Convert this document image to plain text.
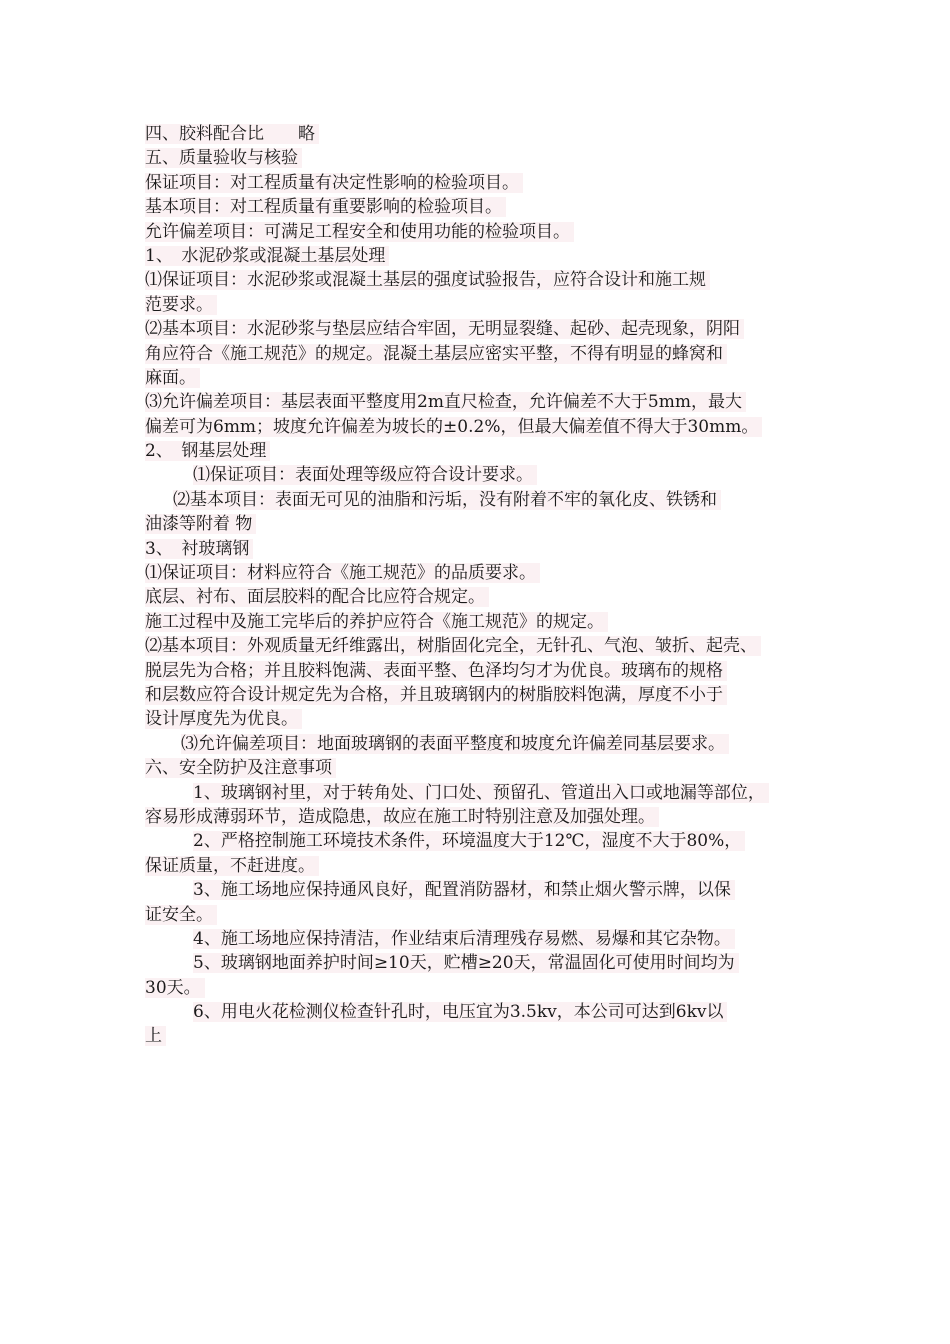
四、胶料配合比　　略
五、质量验收与核验
保证项目：对工程质量有决定性影响的检验项目。
基本项目：对工程质量有重要影响的检验项目。
允许偏差项目：可满足工程安全和使用功能的检验项目。
1、　水泥砂浆或混凝土基层处理
⑴保证项目：水泥砂浆或混凝土基层的强度试验报告，应符合设计和施工规
范要求。
⑵基本项目：水泥砂浆与垫层应结合牢固，无明显裂缝、起砂、起壳现象，阴阳
角应符合《施工规范》的规定。混凝土基层应密实平整，不得有明显的蜂窝和
麻面。
⑶允许偏差项目：基层表面平整度用2m直尺检查，允许偏差不大于5mm，最大
偏差可为6mm；坡度允许偏差为坡长的±0.2%，但最大偏差值不得大于30mm。
2、　钢基层处理
⑴保证项目：表面处理等级应符合设计要求。
⑵基本项目：表面无可见的油脂和污垢，没有附着不牢的氧化皮、铁锈和
油漆等附着 物
3、　衬玻璃钢
⑴保证项目：材料应符合《施工规范》的品质要求。
底层、衬布、面层胶料的配合比应符合规定。
施工过程中及施工完毕后的养护应符合《施工规范》的规定。
⑵基本项目：外观质量无纤维露出，树脂固化完全，无针孔、气泡、皱折、起壳、
脱层先为合格；并且胶料饱满、表面平整、色泽均匀才为优良。玻璃布的规格
和层数应符合设计规定先为合格，并且玻璃钢内的树脂胶料饱满，厚度不小于
设计厚度先为优良。
⑶允许偏差项目：地面玻璃钢的表面平整度和坡度允许偏差同基层要求。
六、安全防护及注意事项
1、玻璃钢衬里，对于转角处、门口处、预留孔、管道出入口或地漏等部位，
容易形成薄弱环节，造成隐患，故应在施工时特别注意及加强处理。
2、严格控制施工环境技术条件，环境温度大于12℃，湿度不大于80%，
保证质量，不赶进度。
3、施工场地应保持通风良好，配置消防器材，和禁止烟火警示牌，以保
证安全。
4、施工场地应保持清洁，作业结束后清理残存易燃、易爆和其它杂物。
5、玻璃钢地面养护时间≥10天，贮槽≥20天，常温固化可使用时间均为
30天。
6、用电火花检测仪检查针孔时，电压宜为3.5kv，本公司可达到6kv以
上
